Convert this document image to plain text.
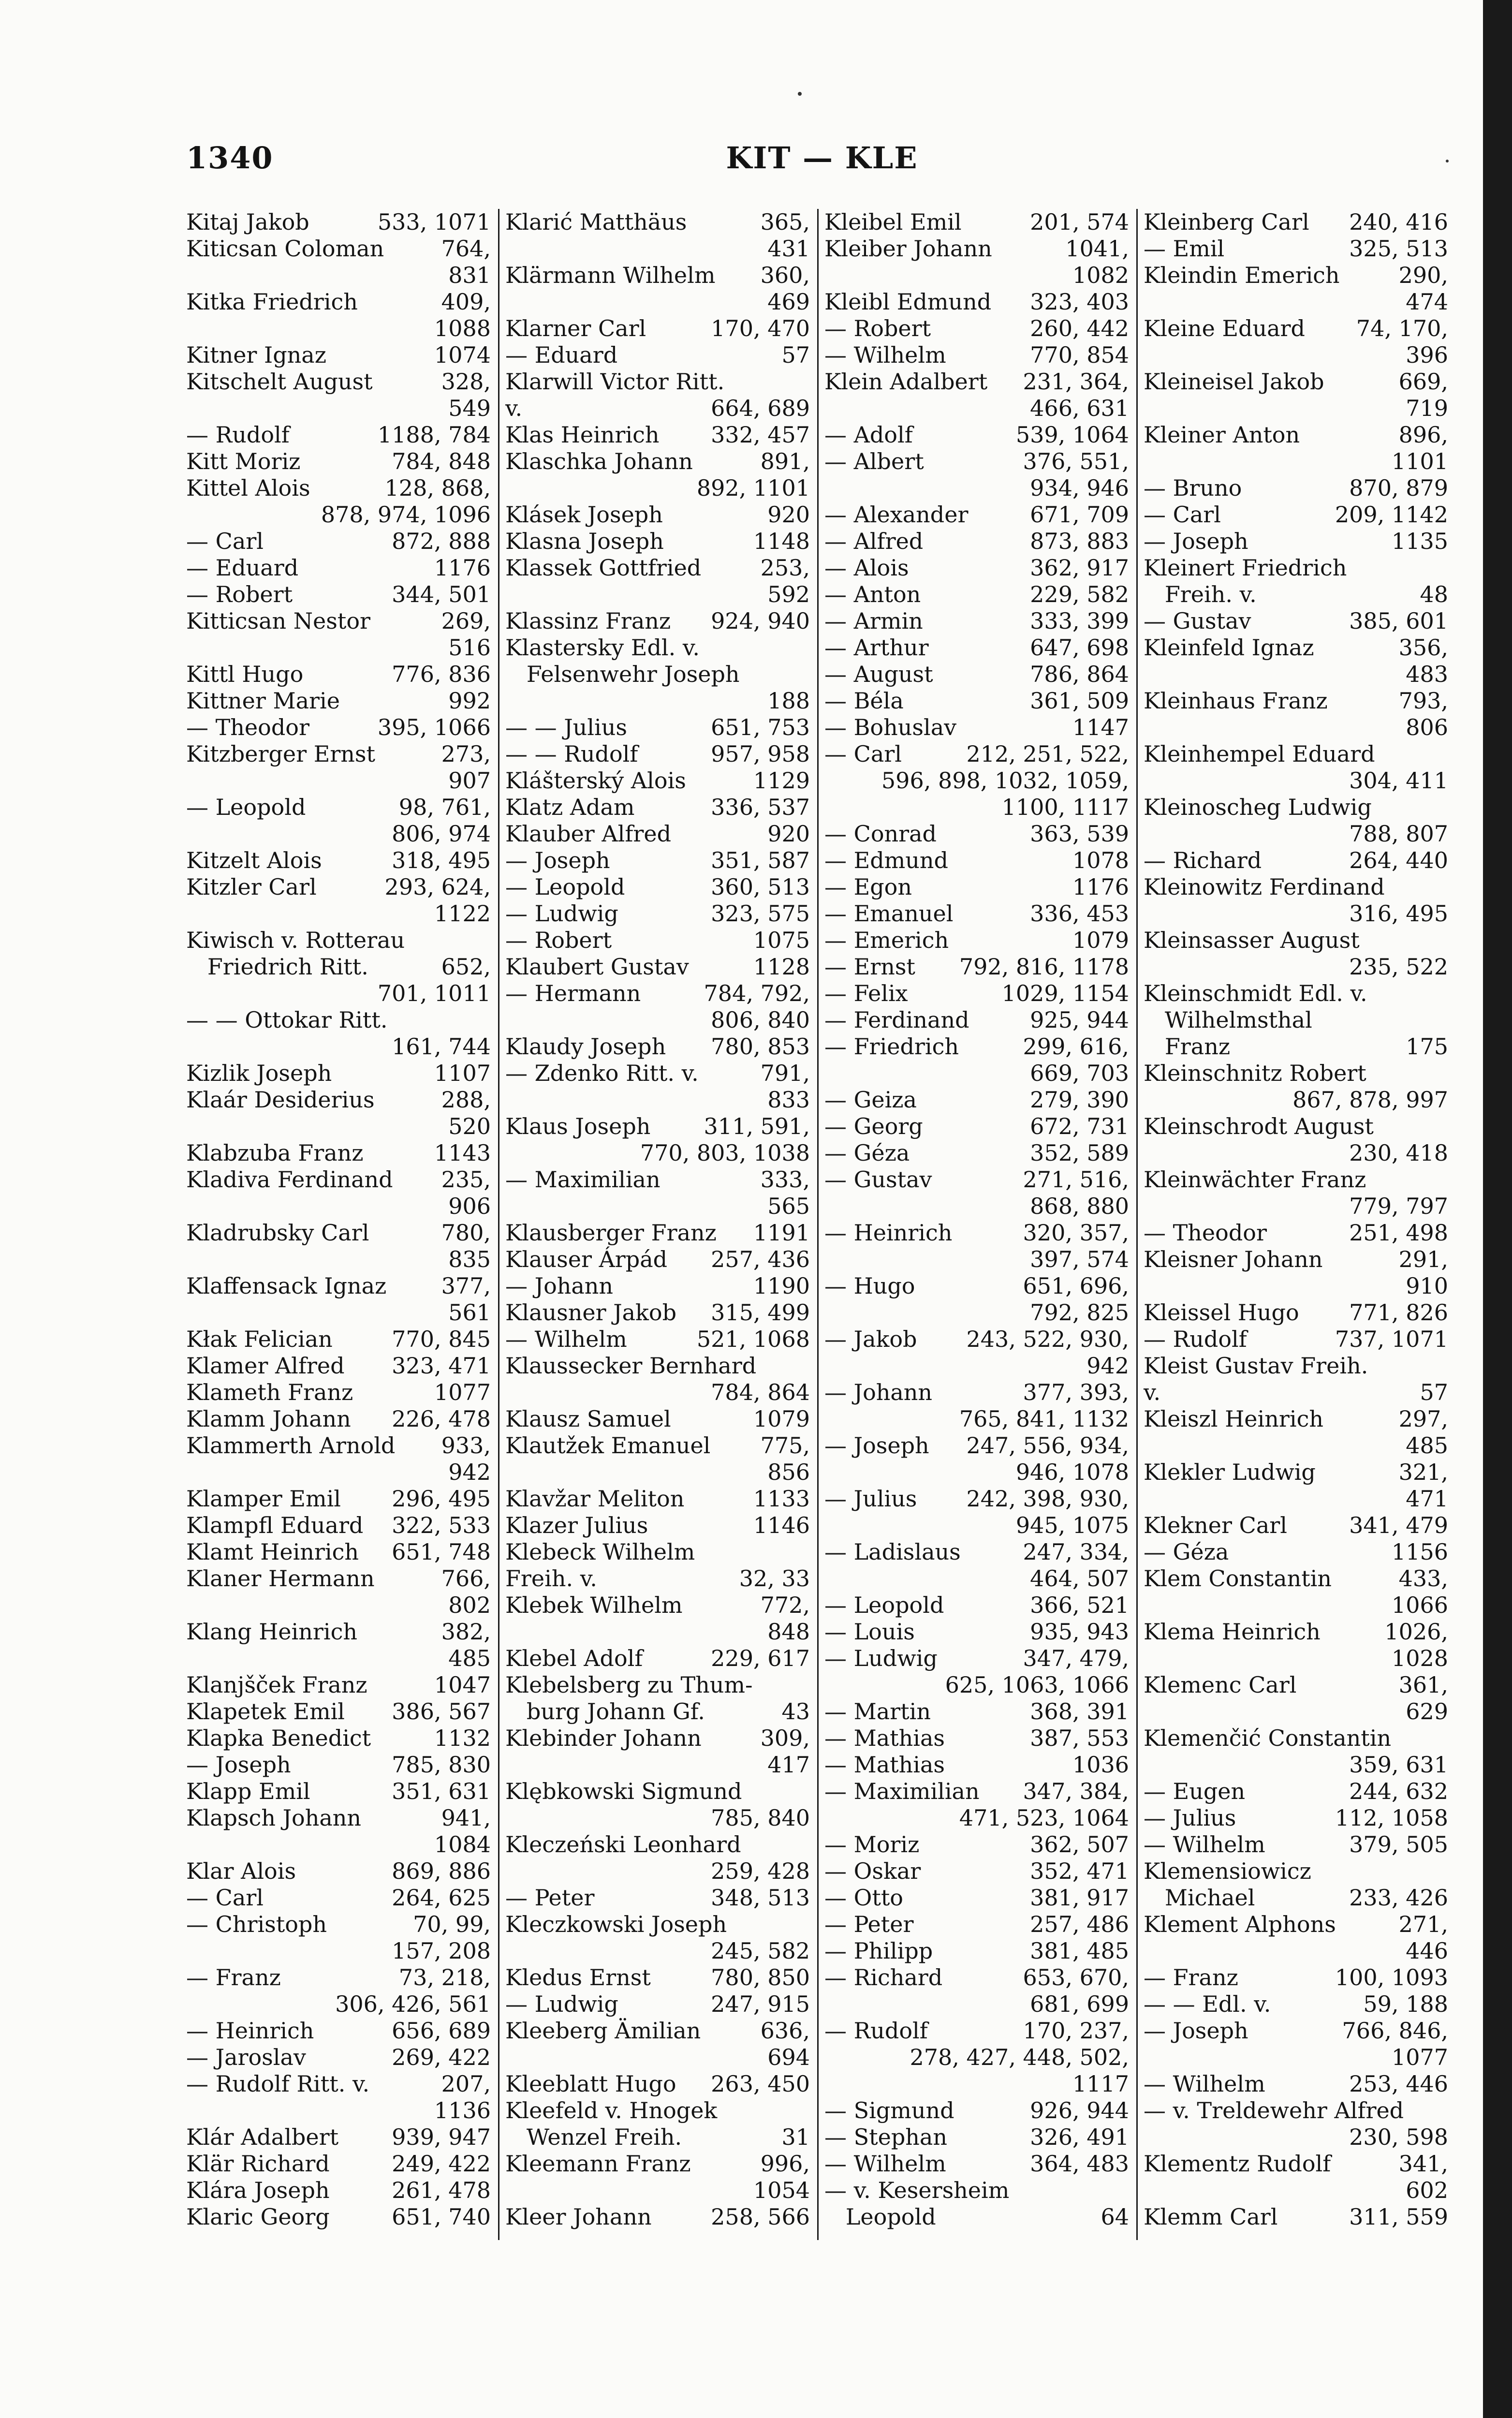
1340	KIT — KLE
Kitaj Jakob	533, 1071
Kiticsan Coloman	764,
831
Kitka Friedrich	409,
1088
Kitner Ignaz	1074
Kitschelt August	328,
549
— Rudolf	1188, 784
Kitt Moriz	784, 848
Kittel Alois	128, 868,
878, 974, 1096
— Carl	872, 888
— Eduard	1176
— Robert	344, 501
Kitticsan Nestor	269,
516
Kittl Hugo	776, 836
Kittner Marie	992
— Theodor	395, 1066
Kitzberger Ernst	273,
907
— Leopold	98, 761,
806, 974
Kitzelt Alois	318, 495
Kitzler Carl	293, 624,
1122
Kiwisch v. Rotterau
Friedrich Ritt.	652,
701, 1011
— — Ottokar Ritt.
161, 744
Kizlik Joseph	1107
Klaár Desiderius	288,
520
Klabzuba Franz	1143
Kladiva Ferdinand 235,
906
Kladrubsky Carl	780,
835
Klaffensack Ignaz 377,
561
Kłak Felician	770, 845
Klamer Alfred 323, 471
Klameth Franz	1077
Klamm Johann 226, 478
Klammerth Arnold 933,
942
Klamper Emil 296, 495
Klampfl Eduard 322, 533
Klamt Heinrich 651, 748
Klaner Hermann	766,
802
Klang Heinrich	382,
485
Klanjšček Franz	1047
Klapetek Emil 386, 567
Klapka Benedict	1132
— Joseph	785, 830
Klapp Emil	351, 631
Klapsch Johann	941,
1084
Klar Alois	869, 886
— Carl	264, 625
— Christoph	70, 99,
157, 208
— Franz	73, 218,
306, 426, 561
— Heinrich	656, 689
— Jaroslav	269, 422
— Rudolf Ritt. v.	207,
1136
Klár Adalbert 939, 947
Klär Richard	249, 422
Klára Joseph	261, 478
Klaric Georg	651, 740
Klarić Matthäus	365,
431
Klärmann Wilhelm 360,
469
Klarner Carl	170, 470
— Eduard	57
Klarwill Victor Ritt.
v.	664, 689
Klas Heinrich 332, 457
Klaschka Johann	891,
892, 1101
Klásek Joseph	920
Klasna Joseph	1148
Klassek Gottfried	253,
592
Klassinz Franz 924, 940
Klastersky Edl. v.
Felsenwehr Joseph
188
— — Julius	651, 753
— — Rudolf	957, 958
Klášterský Alois	1129
Klatz Adam	336, 537
Klauber Alfred	920
— Joseph	351, 587
— Leopold	360, 513
— Ludwig	323, 575
— Robert	1075
Klaubert Gustav	1128
— Hermann	784, 792,
806, 840
Klaudy Joseph 780, 853
— Zdenko Ritt. v.	791,
833
Klaus Joseph 311, 591,
770, 803, 1038
— Maximilian	333,
565
Klausberger Franz 1191
Klauser Árpád 257, 436
— Johann	1190
Klausner Jakob 315, 499
— Wilhelm	521, 1068
Klaussecker Bernhard
784, 864
Klausz Samuel	1079
Klautžek Emanuel 775,
856
Klavžar Meliton	1133
Klazer Julius	1146
Klebeck Wilhelm
Freih. v.	32, 33
Klebek Wilhelm	772,
848
Klebel Adolf	229, 617
Klebelsberg zu Thum-
burg Johann Gf.	43
Klebinder Johann	309,
417
Klębkowski Sigmund
785, 840
Kleczeński Leonhard
259, 428
— Peter	348, 513
Kleczkowski Joseph
245, 582
Kledus Ernst	780, 850
— Ludwig	247, 915
Kleeberg Ämilian	636,
694
Kleeblatt Hugo 263, 450
Kleefeld v. Hnogek
Wenzel Freih.	31
Kleemann Franz	996,
1054
Kleer Johann	258, 566
Kleibel Emil	201, 574
Kleiber Johann	1041,
1082
Kleibl Edmund 323, 403
— Robert	260, 442
— Wilhelm	770, 854
Klein Adalbert 231, 364,
466, 631
— Adolf	539, 1064
— Albert	376, 551,
934, 946
— Alexander	671, 709
— Alfred	873, 883
— Alois	362, 917
— Anton	229, 582
— Armin	333, 399
— Arthur	647, 698
— August	786, 864
— Béla	361, 509
— Bohuslav	1147
— Carl	212, 251, 522,
596, 898, 1032, 1059,
1100, 1117
— Conrad	363, 539
— Edmund	1078
— Egon	1176
— Emanuel	336, 453
— Emerich	1079
— Ernst 792, 816, 1178
— Felix	1029, 1154
— Ferdinand	925, 944
— Friedrich	299, 616,
669, 703
— Geiza	279, 390
— Georg	672, 731
— Géza	352, 589
— Gustav	271, 516,
868, 880
— Heinrich	320, 357,
397, 574
— Hugo	651, 696,
792, 825
— Jakob 243, 522, 930,
942
— Johann	377, 393,
765, 841, 1132
— Joseph 247, 556, 934,
946, 1078
— Julius 242, 398, 930,
945, 1075
— Ladislaus	247, 334,
464, 507
— Leopold	366, 521
— Louis	935, 943
— Ludwig	347, 479,
625, 1063, 1066
— Martin	368, 391
— Mathias	387, 553
— Mathias	1036
— Maximilian 347, 384,
471, 523, 1064
— Moriz	362, 507
— Oskar	352, 471
— Otto	381, 917
— Peter	257, 486
— Philipp	381, 485
— Richard	653, 670,
681, 699
— Rudolf	170, 237,
278, 427, 448, 502,
1117
— Sigmund	926, 944
— Stephan	326, 491
— Wilhelm	364, 483
— v. Kesersheim
Leopold	64
Kleinberg Carl 240, 416
— Emil	325, 513
Kleindin Emerich	290,
474
Kleine Eduard 74, 170,
396
Kleineisel Jakob	669,
719
Kleiner Anton	896,
1101
— Bruno	870, 879
— Carl	209, 1142
— Joseph	1135
Kleinert Friedrich
Freih. v.	48
— Gustav	385, 601
Kleinfeld Ignaz	356,
483
Kleinhaus Franz	793,
806
Kleinhempel Eduard
304, 411
Kleinoscheg Ludwig
788, 807
— Richard	264, 440
Kleinowitz Ferdinand
316, 495
Kleinsasser August
235, 522
Kleinschmidt Edl. v.
Wilhelmsthal
Franz	175
Kleinschnitz Robert
867, 878, 997
Kleinschrodt August
230, 418
Kleinwächter Franz
779, 797
— Theodor	251, 498
Kleisner Johann	291,
910
Kleissel Hugo 771, 826
— Rudolf	737, 1071
Kleist Gustav Freih.
v.	57
Kleiszl Heinrich	297,
485
Klekler Ludwig	321,
471
Klekner Carl	341, 479
— Géza	1156
Klem Constantin	433,
1066
Klema Heinrich	1026,
1028
Klemenc Carl	361,
629
Klemenčić Constantin
359, 631
— Eugen	244, 632
— Julius	112, 1058
— Wilhelm	379, 505
Klemensiowicz
Michael	233, 426
Klement Alphons	271,
446
— Franz	100, 1093
— — Edl. v.	59, 188
— Joseph	766, 846,
1077
— Wilhelm	253, 446
— v. Treldewehr Alfred
230, 598
Klementz Rudolf	341,
602
Klemm Carl	311, 559
